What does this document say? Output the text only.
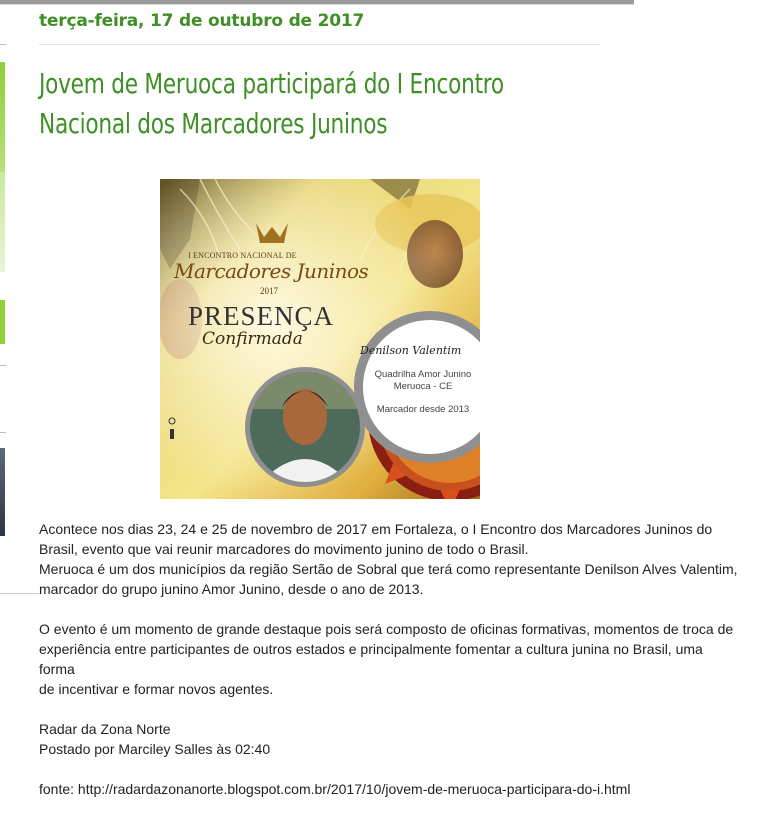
terça-feira, 17 de outubro de 2017
Jovem de Meruoca participará do I Encontro
Nacional dos Marcadores Juninos
I ENCONTRO NACIONAL DE
Marcadores Juninos
2017
PRESENÇA
Confirmada
Denilson Valentim
Quadrilha Amor Junino
Meruoca - CE
Marcador desde 2013

Acontece nos dias 23, 24 e 25 de novembro de 2017 em Fortaleza, o I Encontro dos Marcadores Juninos do
Brasil, evento que vai reunir marcadores do movimento junino de todo o Brasil.
Meruoca é um dos municípios da região Sertão de Sobral que terá como representante Denilson Alves Valentim,
marcador do grupo junino Amor Junino, desde o ano de 2013.

O evento é um momento de grande destaque pois será composto de oficinas formativas, momentos de troca de
experiência entre participantes de outros estados e principalmente fomentar a cultura junina no Brasil, uma forma
de incentivar e formar novos agentes.

Radar da Zona Norte

Postado por Marciley Salles às 02:40

fonte: http://radardazonanorte.blogspot.com.br/2017/10/jovem-de-meruoca-participara-do-i.html
